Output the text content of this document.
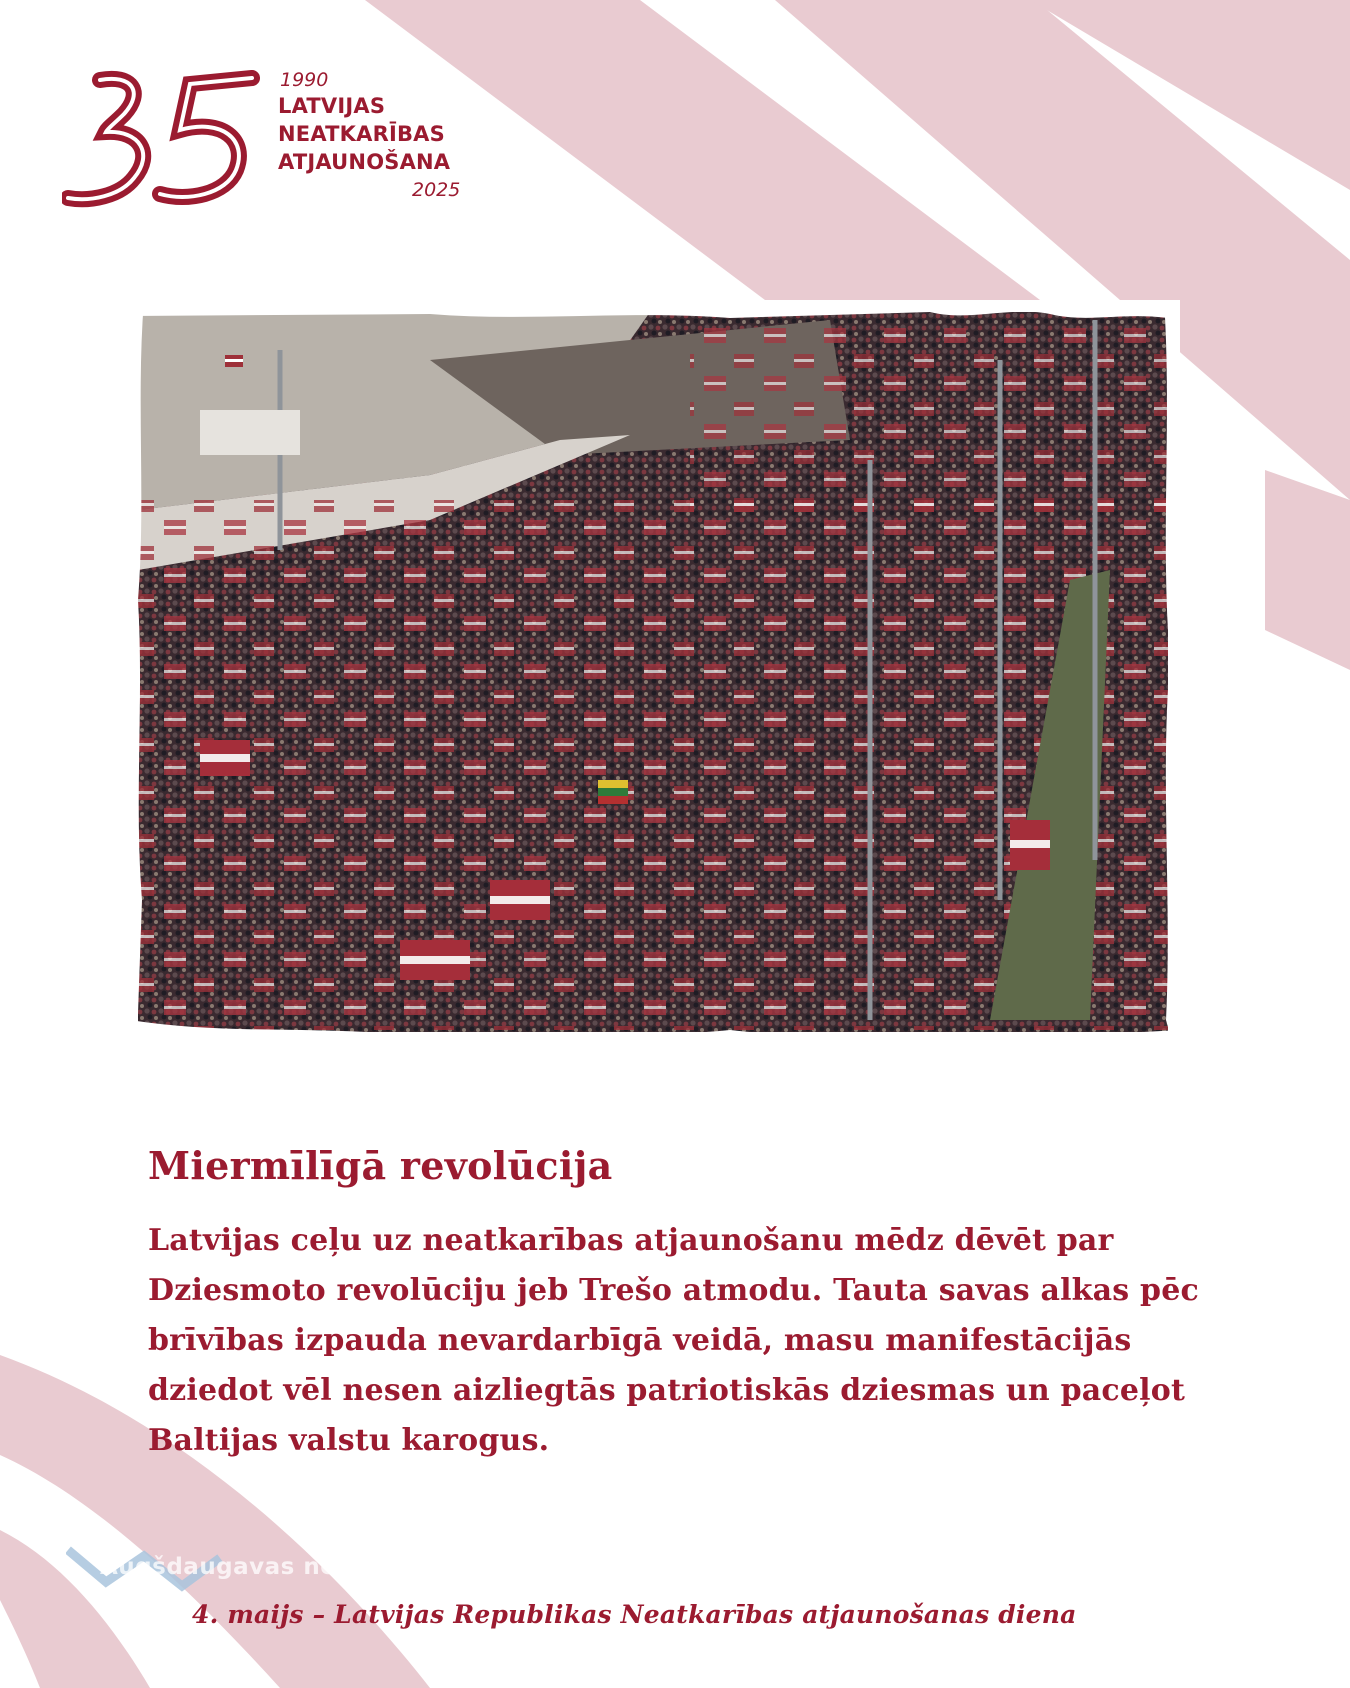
1990
LATVIJAS
NEATKARĪBAS
ATJAUNOŠANA
2025
Miermīlīgā revolūcija

Latvijas ceļu uz neatkarības atjaunošanu mēdz dēvēt par
Dziesmoto revolūciju jeb Trešo atmodu. Tauta savas alkas pēc
brīvības izpauda nevardarbīgā veidā, masu manifestācijās
dziedot vēl nesen aizliegtās patriotiskās dziesmas un paceļot
Baltijas valstu karogus.

Augšdaugavas novads
4. maijs – Latvijas Republikas Neatkarības atjaunošanas diena
